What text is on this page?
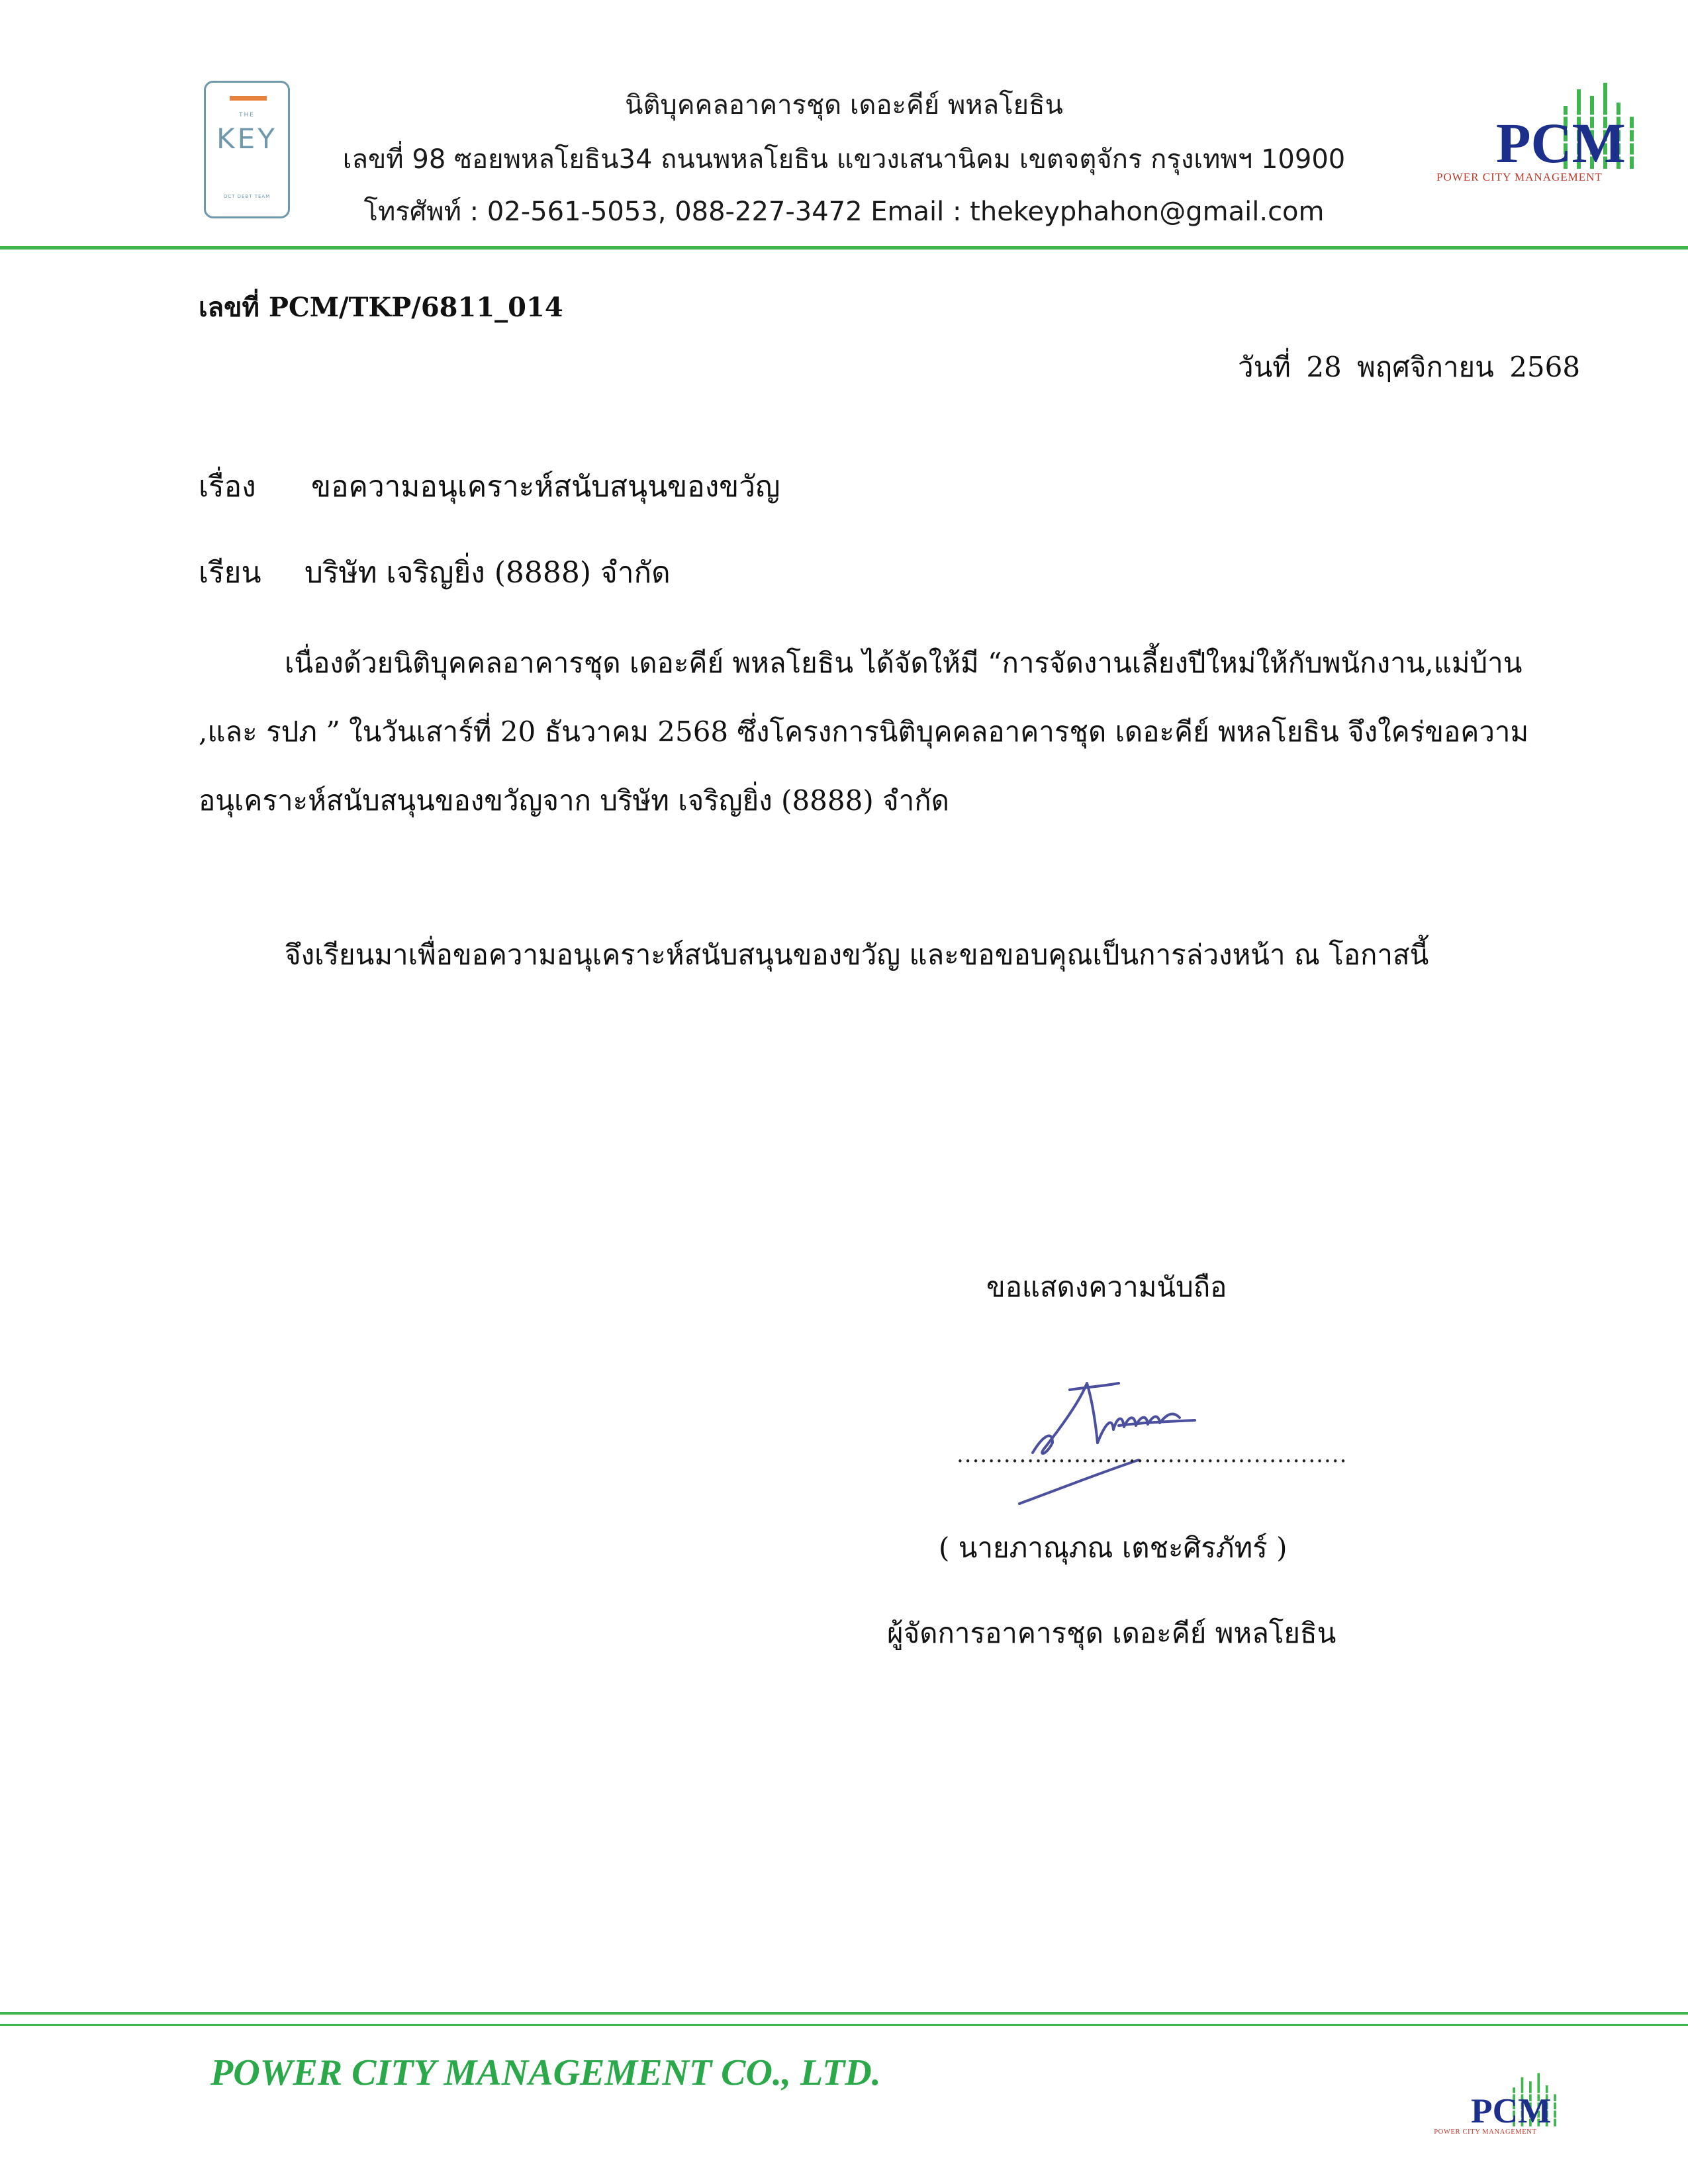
THE
KEY
OCT DEBT TEAM
นิติบุคคลอาคารชุด เดอะคีย์ พหลโยธิน
เลขที่ 98 ซอยพหลโยธิน34 ถนนพหลโยธิน แขวงเสนานิคม เขตจตุจักร กรุงเทพฯ 10900
โทรศัพท์ : 02-561-5053, 088-227-3472 Email : thekeyphahon@gmail.com
PCM
POWER CITY MANAGEMENT
เลขที่ PCM/TKP/6811_014
วันที่ 28 พฤศจิกายน 2568
เรื่อง ขอความอนุเคราะห์สนับสนุนของขวัญ
เรียน บริษัท เจริญยิ่ง (8888) จำกัด
เนื่องด้วยนิติบุคคลอาคารชุด เดอะคีย์ พหลโยธิน ได้จัดให้มี “การจัดงานเลี้ยงปีใหม่ให้กับพนักงาน,แม่บ้าน
,และ รปภ ” ในวันเสาร์ที่ 20 ธันวาคม 2568 ซึ่งโครงการนิติบุคคลอาคารชุด เดอะคีย์ พหลโยธิน จึงใคร่ขอความ
อนุเคราะห์สนับสนุนของขวัญจาก บริษัท เจริญยิ่ง (8888) จำกัด
จึงเรียนมาเพื่อขอความอนุเคราะห์สนับสนุนของขวัญ และขอขอบคุณเป็นการล่วงหน้า ณ โอกาสนี้
ขอแสดงความนับถือ
..................................................
( นายภาณุภณ เตชะศิรภัทร์ )
ผู้จัดการอาคารชุด เดอะคีย์ พหลโยธิน
POWER CITY MANAGEMENT CO., LTD.
PCM
POWER CITY MANAGEMENT
